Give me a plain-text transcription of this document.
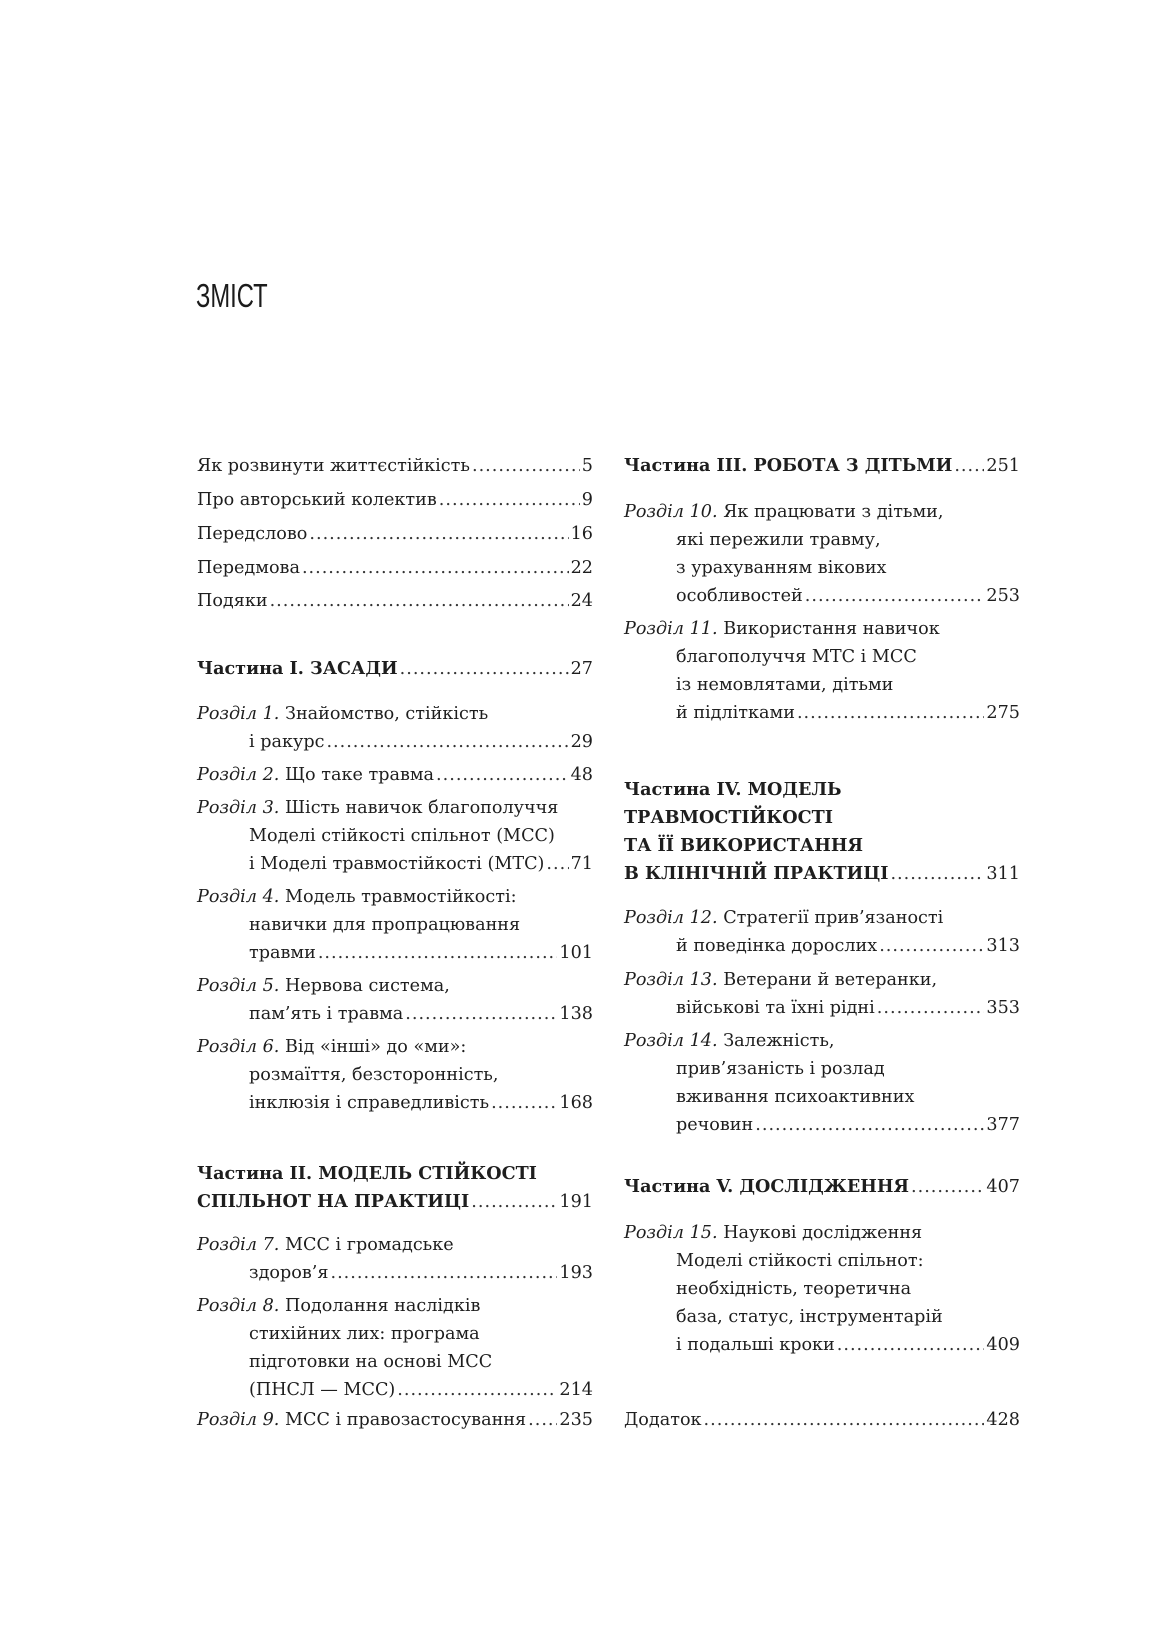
ЗМІСТ
Як розвинути життєстійкість .....	5
Про авторський колектив .....	9
Передслово .....	16
Передмова .....	22
Подяки .....	24
Частина І. ЗАСАДИ .....	27
Розділ 1. Знайомство, стійкість
і ракурс .....	29
Розділ 2. Що таке травма .....	48
Розділ 3. Шість навичок благополуччя
Моделі стійкості спільнот (МСС)
і Моделі травмостійкості (МТС) ..... 71
Розділ 4. Модель травмостійкості:
навички для пропрацювання
травми .....	101
Розділ 5. Нервова система,
пам’ять і травма .....	138
Розділ 6. Від «інші» до «ми»:
розмаїття, безсторонність,
інклюзія і справедливість .....	168
Частина ІІ. МОДЕЛЬ СТІЙКОСТІ
СПІЛЬНОТ НА ПРАКТИЦІ .....	191
Розділ 7. МСС і громадське
здоров’я .....	193
Розділ 8. Подолання наслідків
стихійних лих: програма
підготовки на основі МСС
(ПНСЛ — МСС) .....	214
Розділ 9. МСС і правозастосування ..... 235
Частина ІІІ. РОБОТА З ДІТЬМИ ..... 251
Розділ 10. Як працювати з дітьми,
які пережили травму,
з урахуванням вікових
особливостей .....	253
Розділ 11. Використання навичок
благополуччя МТС і МСС
із немовлятами, дітьми
й підлітками .....	275
Частина IV. МОДЕЛЬ
ТРАВМОСТІЙКОСТІ
ТА ЇЇ ВИКОРИСТАННЯ
В КЛІНІЧНІЙ ПРАКТИЦІ .....	311
Розділ 12. Стратегії прив’язаності
й поведінка дорослих .....	313
Розділ 13. Ветерани й ветеранки,
військові та їхні рідні .....	353
Розділ 14. Залежність,
прив’язаність і розлад
вживання психоактивних
речовин .....	377
Частина V. ДОСЛІДЖЕННЯ .....	407
Розділ 15. Наукові дослідження
Моделі стійкості спільнот:
необхідність, теоретична
база, статус, інструментарій
і подальші кроки .....	409
Додаток .....	428
